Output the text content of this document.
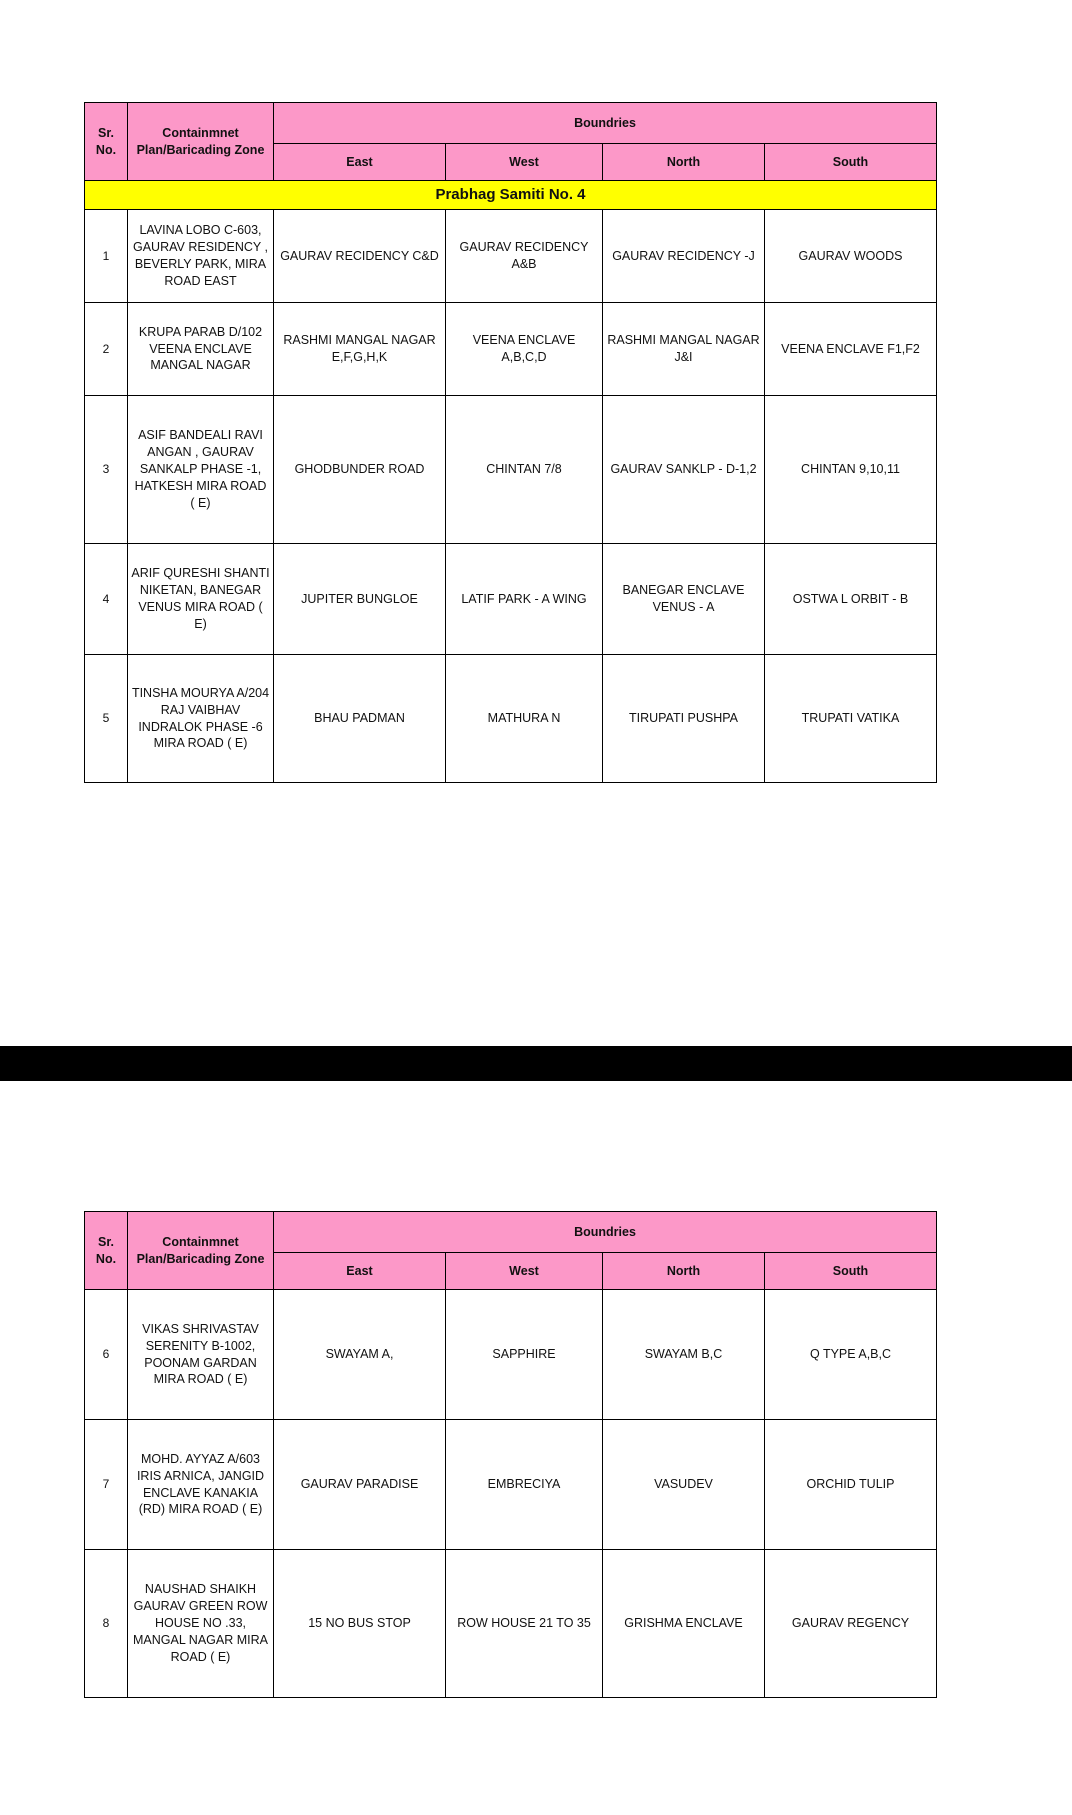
Sr. No.	Containmnet Plan/Baricading Zone	Boundries			
		East	West	North	South
Prabhag Samiti No. 4					
1	LAVINA LOBO C-603, GAURAV RESIDENCY , BEVERLY PARK, MIRA ROAD EAST	GAURAV RECIDENCY C&D	GAURAV RECIDENCY A&B	GAURAV RECIDENCY -J	GAURAV WOODS
2	KRUPA PARAB D/102 VEENA ENCLAVE MANGAL NAGAR	RASHMI MANGAL NAGAR E,F,G,H,K	VEENA ENCLAVE A,B,C,D	RASHMI MANGAL NAGAR J&I	VEENA ENCLAVE F1,F2
3	ASIF BANDEALI RAVI ANGAN , GAURAV SANKALP PHASE -1, HATKESH MIRA ROAD ( E)	GHODBUNDER ROAD	CHINTAN 7/8	GAURAV SANKLP - D-1,2	CHINTAN 9,10,11
4	ARIF QURESHI SHANTI NIKETAN, BANEGAR VENUS MIRA ROAD ( E)	JUPITER BUNGLOE	LATIF PARK - A WING	BANEGAR ENCLAVE VENUS - A	OSTWA L ORBIT - B
5	TINSHA MOURYA A/204 RAJ VAIBHAV INDRALOK PHASE -6 MIRA ROAD ( E)	BHAU PADMAN	MATHURA N	TIRUPATI PUSHPA	TRUPATI VATIKA
Sr. No.	Containmnet Plan/Baricading Zone	Boundries			
		East	West	North	South
6	VIKAS SHRIVASTAV SERENITY B-1002, POONAM GARDAN MIRA ROAD ( E)	SWAYAM A,	SAPPHIRE	SWAYAM B,C	Q TYPE A,B,C
7	MOHD. AYYAZ A/603 IRIS ARNICA, JANGID ENCLAVE KANAKIA (RD) MIRA ROAD ( E)	GAURAV PARADISE	EMBRECIYA	VASUDEV	ORCHID TULIP
8	NAUSHAD SHAIKH GAURAV GREEN ROW HOUSE NO .33, MANGAL NAGAR MIRA ROAD ( E)	15 NO BUS STOP	ROW HOUSE 21 TO 35	GRISHMA ENCLAVE	GAURAV REGENCY
